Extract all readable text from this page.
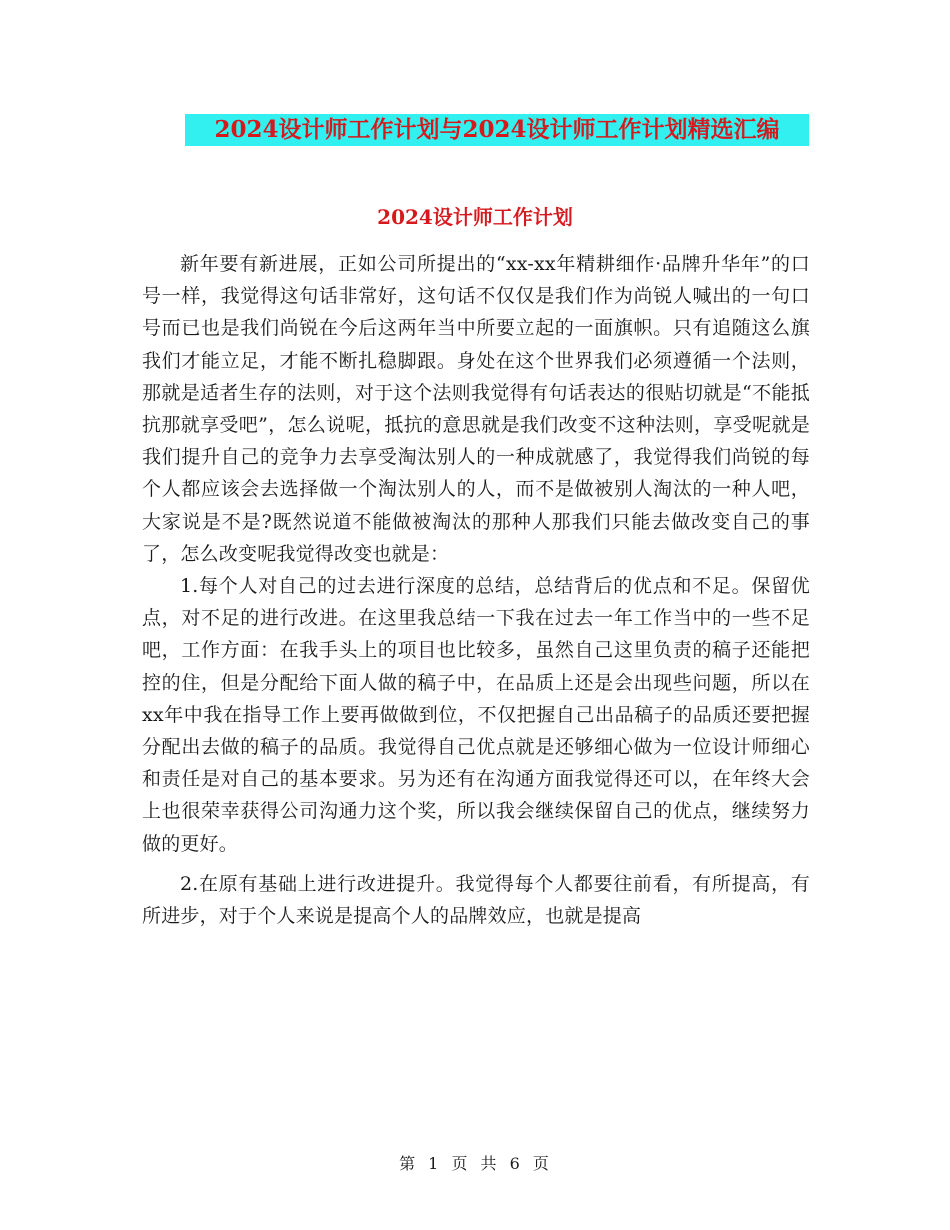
2024设计师工作计划与2024设计师工作计划精选汇编
2024设计师工作计划

新年要有新进展，正如公司所提出的“xx-xx年精耕细作·品牌升华年”的口号一样，我觉得这句话非常好，这句话不仅仅是我们作为尚锐人喊出的一句口号而已也是我们尚锐在今后这两年当中所要立起的一面旗帜。只有追随这么旗我们才能立足，才能不断扎稳脚跟。身处在这个世界我们必须遵循一个法则，那就是适者生存的法则，对于这个法则我觉得有句话表达的很贴切就是“不能抵抗那就享受吧”，怎么说呢，抵抗的意思就是我们改变不这种法则，享受呢就是我们提升自己的竞争力去享受淘汰别人的一种成就感了，我觉得我们尚锐的每个人都应该会去选择做一个淘汰别人的人，而不是做被别人淘汰的一种人吧，大家说是不是?既然说道不能做被淘汰的那种人那我们只能去做改变自己的事了，怎么改变呢我觉得改变也就是：

1.每个人对自己的过去进行深度的总结，总结背后的优点和不足。保留优点，对不足的进行改进。在这里我总结一下我在过去一年工作当中的一些不足吧，工作方面：在我手头上的项目也比较多，虽然自己这里负责的稿子还能把控的住，但是分配给下面人做的稿子中，在品质上还是会出现些问题，所以在xx年中我在指导工作上要再做做到位，不仅把握自己出品稿子的品质还要把握分配出去做的稿子的品质。我觉得自己优点就是还够细心做为一位设计师细心和责任是对自己的基本要求。另为还有在沟通方面我觉得还可以，在年终大会上也很荣幸获得公司沟通力这个奖，所以我会继续保留自己的优点，继续努力做的更好。

2.在原有基础上进行改进提升。我觉得每个人都要往前看，有所提高，有所进步，对于个人来说是提高个人的品牌效应，也就是提高

第 1 页 共 6 页
